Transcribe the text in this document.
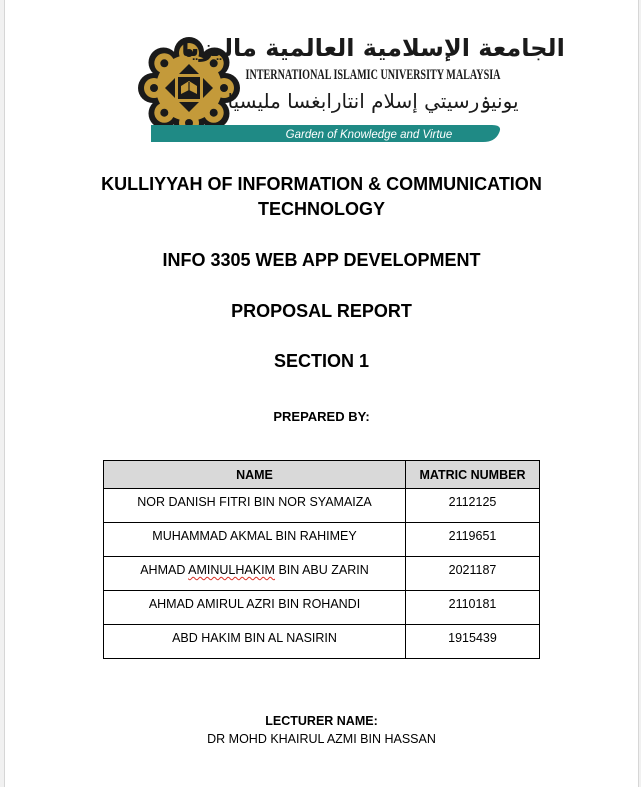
الجامعة الإسلامية العالمية ماليزيا
INTERNATIONAL ISLAMIC UNIVERSITY MALAYSIA
يونيۏرسيتي إسلام انتارابغسا مليسيا
Garden of Knowledge and Virtue
KULLIYYAH OF INFORMATION & COMMUNICATION
TECHNOLOGY
INFO 3305 WEB APP DEVELOPMENT
PROPOSAL REPORT
SECTION 1
PREPARED BY:
NAME	MATRIC NUMBER
NOR DANISH FITRI BIN NOR SYAMAIZA	2112125
MUHAMMAD AKMAL BIN RAHIMEY	2119651
AHMAD AMINULHAKIM BIN ABU ZARIN	2021187
AHMAD AMIRUL AZRI BIN ROHANDI	2110181
ABD HAKIM BIN AL NASIRIN	1915439
LECTURER NAME:
DR MOHD KHAIRUL AZMI BIN HASSAN
